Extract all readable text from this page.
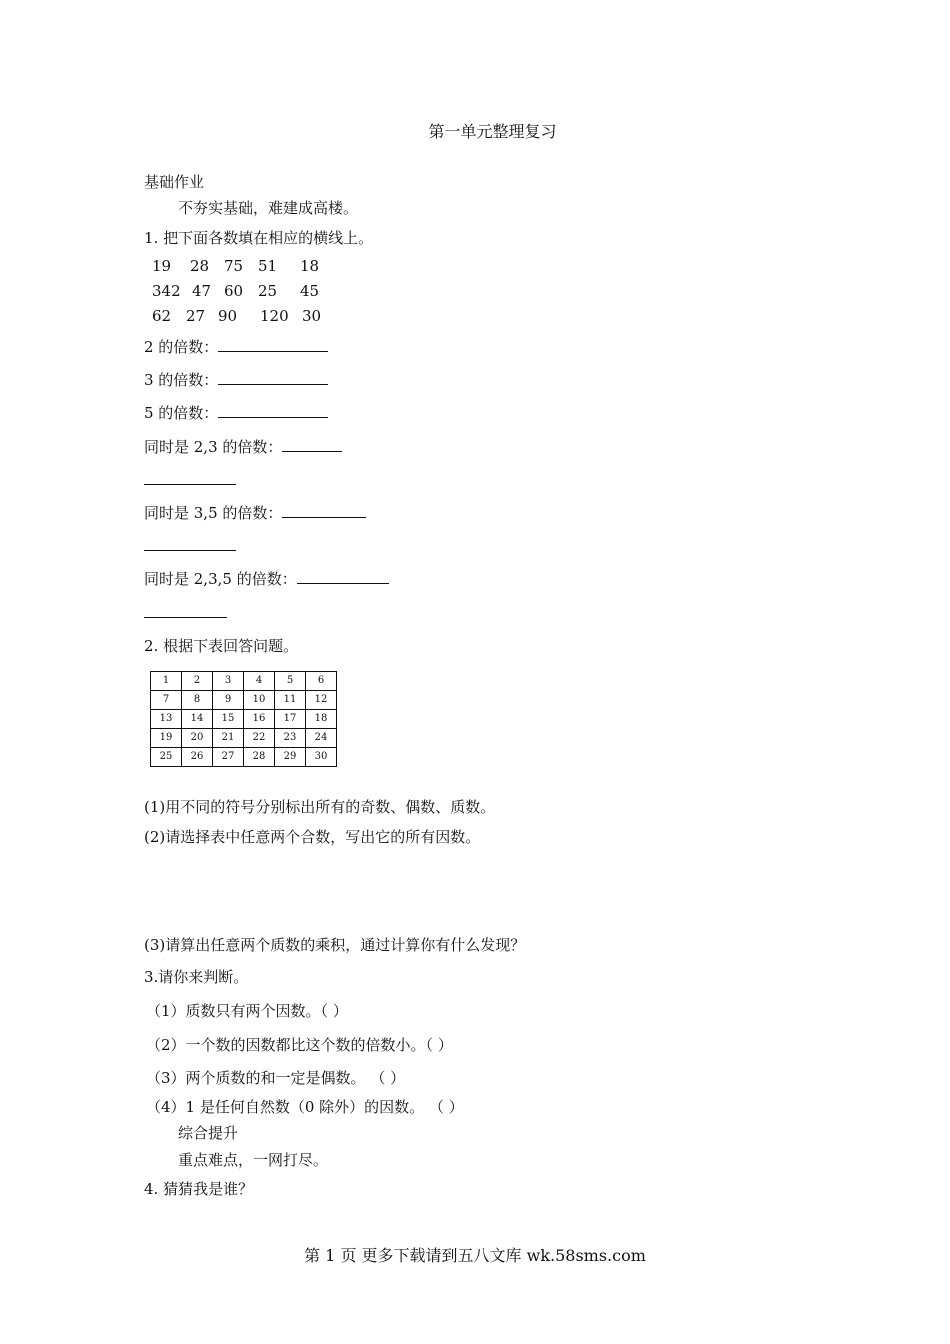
第一单元整理复习
基础作业
不夯实基础，难建成高楼。
1. 把下面各数填在相应的横线上。
19 28 75 51 18
342 47 60 25 45
62 27 90 120 30
2 的倍数：
3 的倍数：
5 的倍数：
同时是 2,3 的倍数：
同时是 3,5 的倍数：
同时是 2,3,5 的倍数：
2. 根据下表回答问题。
1	2	3	4	5	6
7	8	9	10	11	12
13	14	15	16	17	18
19	20	21	22	23	24
25	26	27	28	29	30
(1)用不同的符号分别标出所有的奇数、偶数、质数。
(2)请选择表中任意两个合数，写出它的所有因数。
(3)请算出任意两个质数的乘积，通过计算你有什么发现？
3.请你来判断。
（1）质数只有两个因数。（ ）
（2）一个数的因数都比这个数的倍数小。（ ）
（3）两个质数的和一定是偶数。 （ ）
（4）1 是任何自然数（0 除外）的因数。 （ ）
综合提升
重点难点，一网打尽。
4. 猜猜我是谁？
第 1 页 更多下载请到五八文库 wk.58sms.com
